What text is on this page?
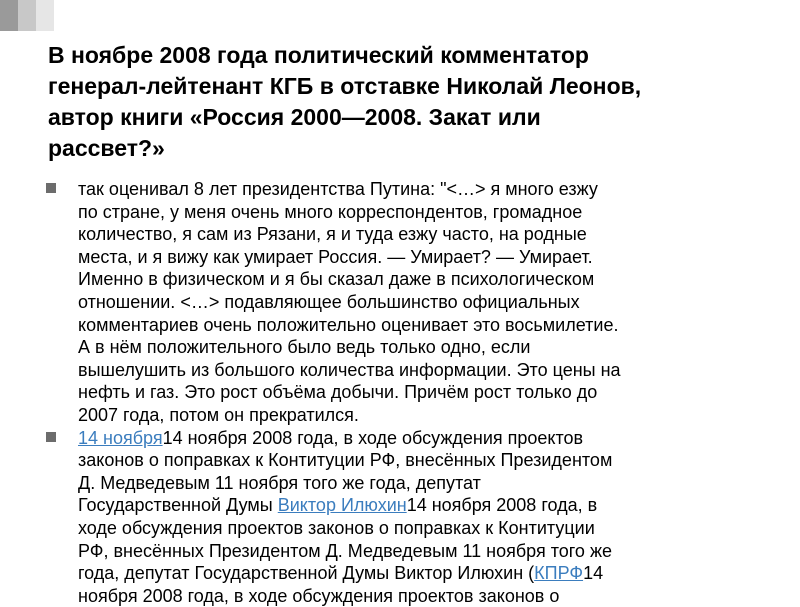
В ноябре 2008 года политический комментатор
генерал-лейтенант КГБ в отставке Николай Леонов,
автор книги «Россия 2000—2008. Закат или
рассвет?»
так оценивал 8 лет президентства Путина: "<…> я много езжу
по стране, у меня очень много корреспондентов, громадное
количество, я сам из Рязани, я и туда езжу часто, на родные
места, и я вижу как умирает Россия. — Умирает? — Умирает.
Именно в физическом и я бы сказал даже в психологическом
отношении. <…> подавляющее большинство официальных
комментариев очень положительно оценивает это восьмилетие.
А в нём положительного было ведь только одно, если
вышелушить из большого количества информации. Это цены на
нефть и газ. Это рост объёма добычи. Причём рост только до
2007 года, потом он прекратился.
14 ноября14 ноября 2008 года, в ходе обсуждения проектов
законов о поправках к Контитуции РФ, внесённых Президентом
Д. Медведевым 11 ноября того же года, депутат
Государственной Думы Виктор Илюхин14 ноября 2008 года, в
ходе обсуждения проектов законов о поправках к Контитуции
РФ, внесённых Президентом Д. Медведевым 11 ноября того же
года, депутат Государственной Думы Виктор Илюхин (КПРФ14
ноября 2008 года, в ходе обсуждения проектов законов о
